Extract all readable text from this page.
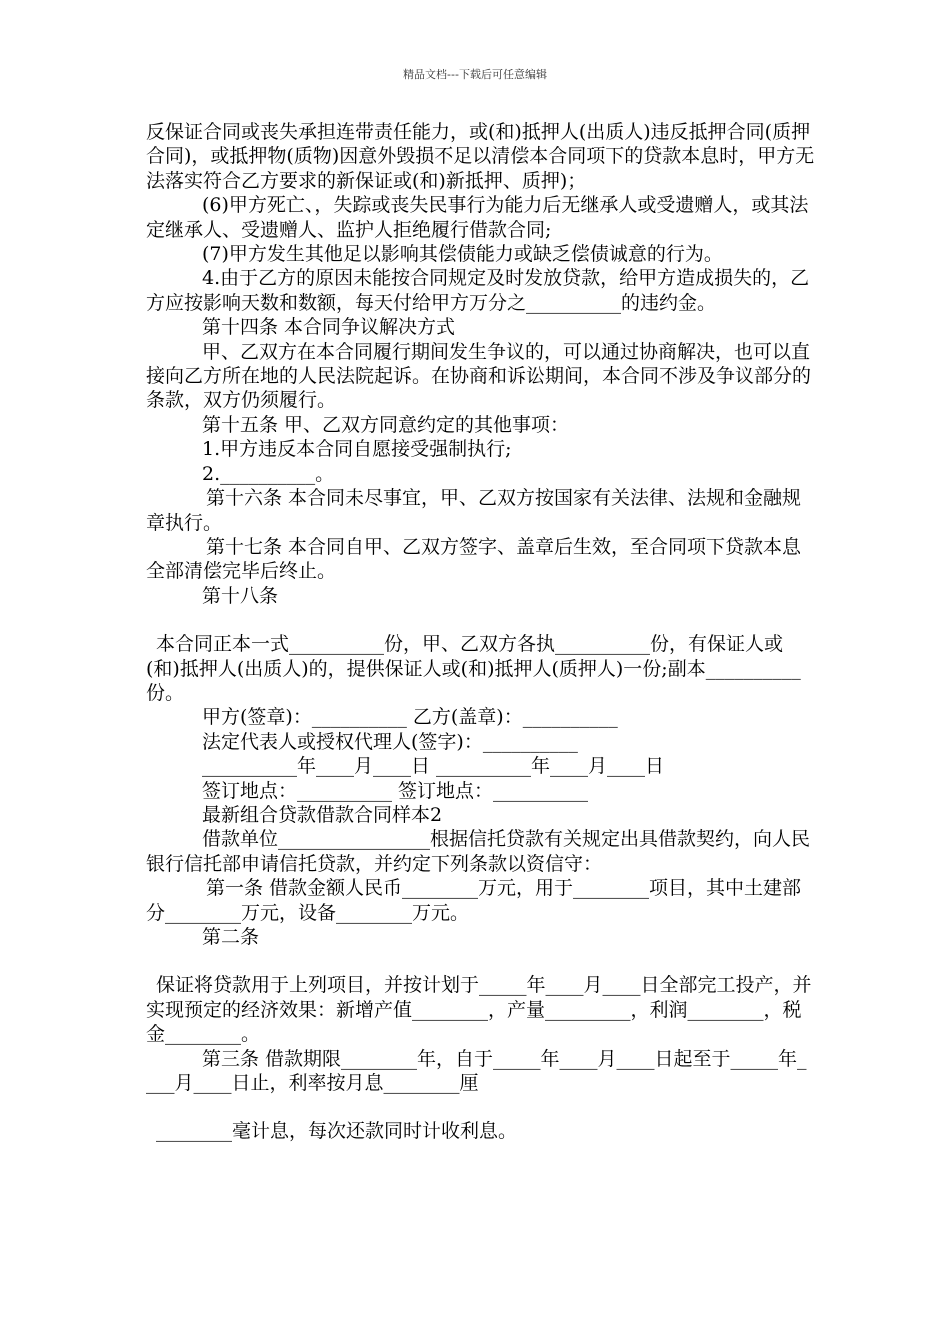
精品文档---下载后可任意编辑

反保证合同或丧失承担连带责任能力，或(和)抵押人(出质人)违反抵押合同(质押合同)，或抵押物(质物)因意外毁损不足以清偿本合同项下的贷款本息时，甲方无法落实符合乙方要求的新保证或(和)新抵押、质押)；

(6)甲方死亡、，失踪或丧失民事行为能力后无继承人或受遗赠人，或其法定继承人、受遗赠人、监护人拒绝履行借款合同;

(7)甲方发生其他足以影响其偿债能力或缺乏偿债诚意的行为。

4.由于乙方的原因未能按合同规定及时发放贷款，给甲方造成损失的，乙方应按影响天数和数额，每天付给甲方万分之__________的违约金。

第十四条 本合同争议解决方式

甲、乙双方在本合同履行期间发生争议的，可以通过协商解决，也可以直接向乙方所在地的人民法院起诉。在协商和诉讼期间，本合同不涉及争议部分的条款，双方仍须履行。

第十五条 甲、乙双方同意约定的其他事项：

1.甲方违反本合同自愿接受强制执行;

2.__________。

第十六条 本合同未尽事宜，甲、乙双方按国家有关法律、法规和金融规章执行。

第十七条 本合同自甲、乙双方签字、盖章后生效，至合同项下贷款本息全部清偿完毕后终止。

第十八条

本合同正本一式__________份，甲、乙双方各执__________份，有保证人或(和)抵押人(出质人)的，提供保证人或(和)抵押人(质押人)一份;副本__________份。

甲方(签章)：__________ 乙方(盖章)：__________

法定代表人或授权代理人(签字)：__________

__________年____月____日 __________年____月____日

签订地点：__________ 签订地点：__________

最新组合贷款借款合同样本2

借款单位________________根据信托贷款有关规定出具借款契约，向人民银行信托部申请信托贷款，并约定下列条款以资信守：

第一条 借款金额人民币________万元，用于________项目，其中土建部分________万元，设备________万元。

第二条

保证将贷款用于上列项目，并按计划于_____年____月____日全部完工投产，并实现预定的经济效果：新增产值________，产量_________，利润________，税金________。

第三条 借款期限________年，自于_____年____月____日起至于_____年____月____日止，利率按月息________厘

________毫计息，每次还款同时计收利息。
